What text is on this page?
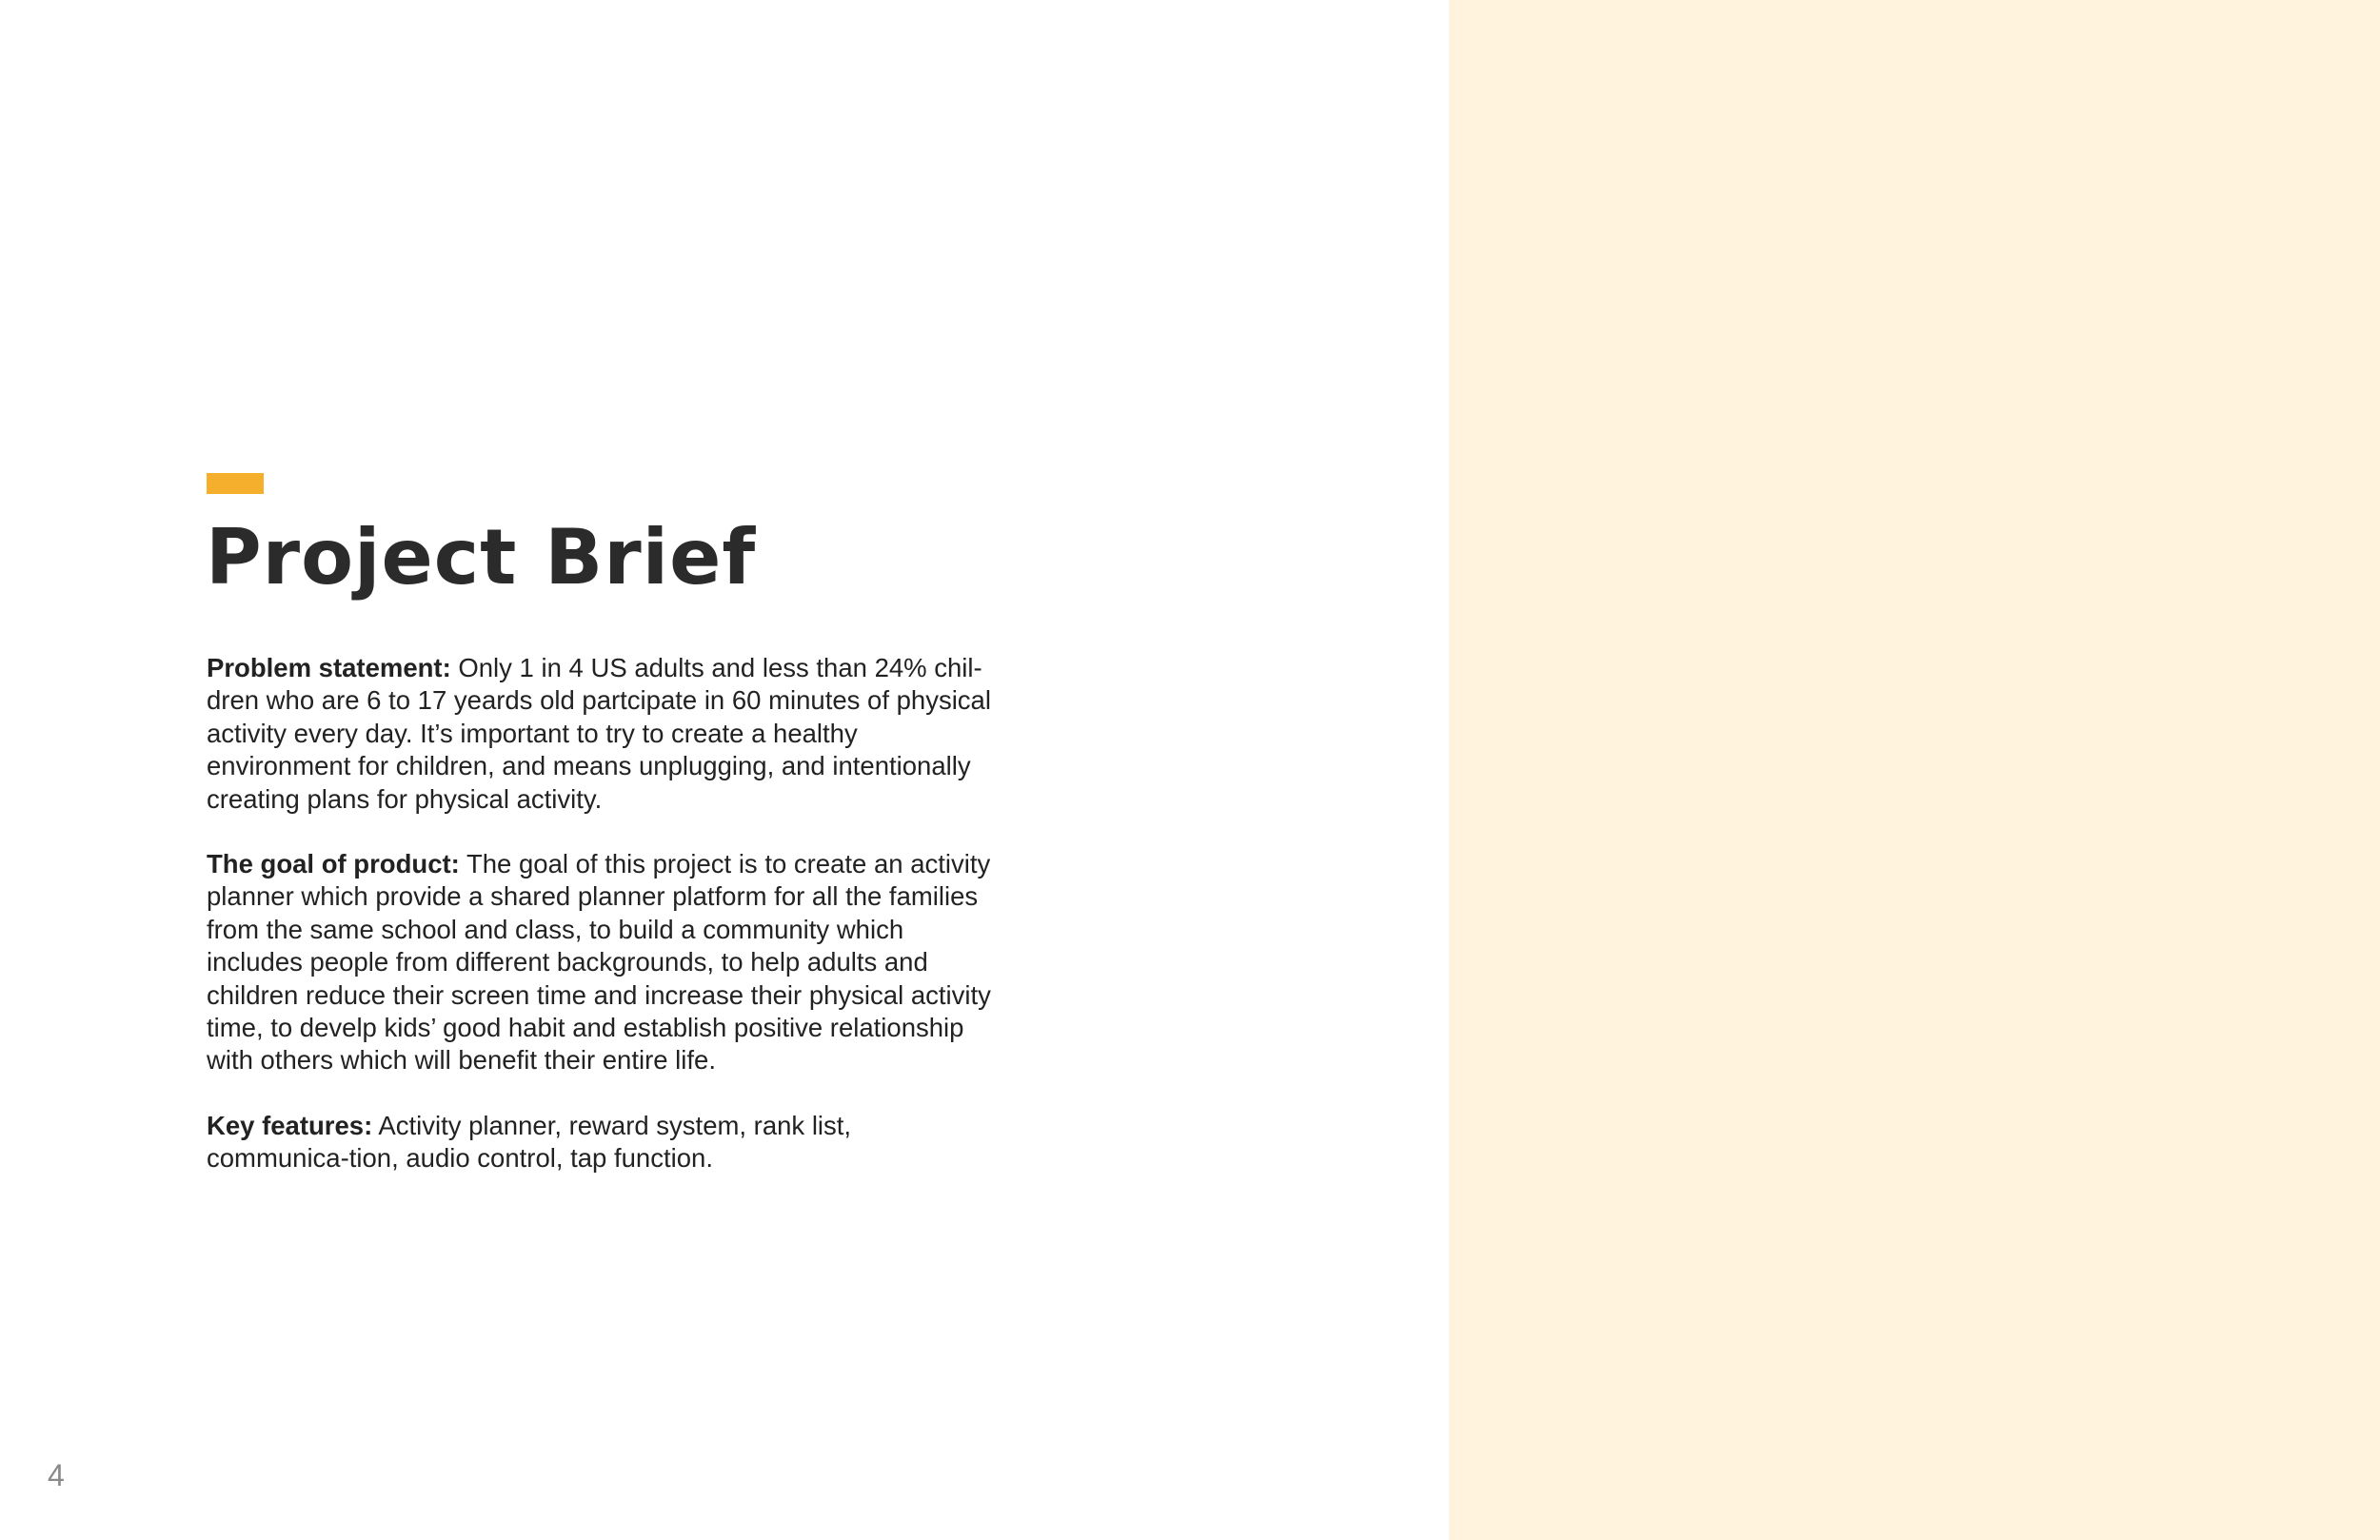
Project Brief

Problem statement: Only 1 in 4 US adults and less than 24% chil-dren who are 6 to 17 yeards old partcipate in 60 minutes of physical activity every day. It’s important to try to create a healthy environment for children, and means unplugging, and intentionally creating plans for physical activity.

The goal of product: The goal of this project is to create an activity planner which provide a shared planner platform for all the families from the same school and class, to build a community which includes people from different backgrounds, to help adults and children reduce their screen time and increase their physical activity time, to develp kids’ good habit and establish positive relationship with others which will benefit their entire life.

Key features: Activity planner, reward system, rank list, communica-tion, audio control, tap function.

4
